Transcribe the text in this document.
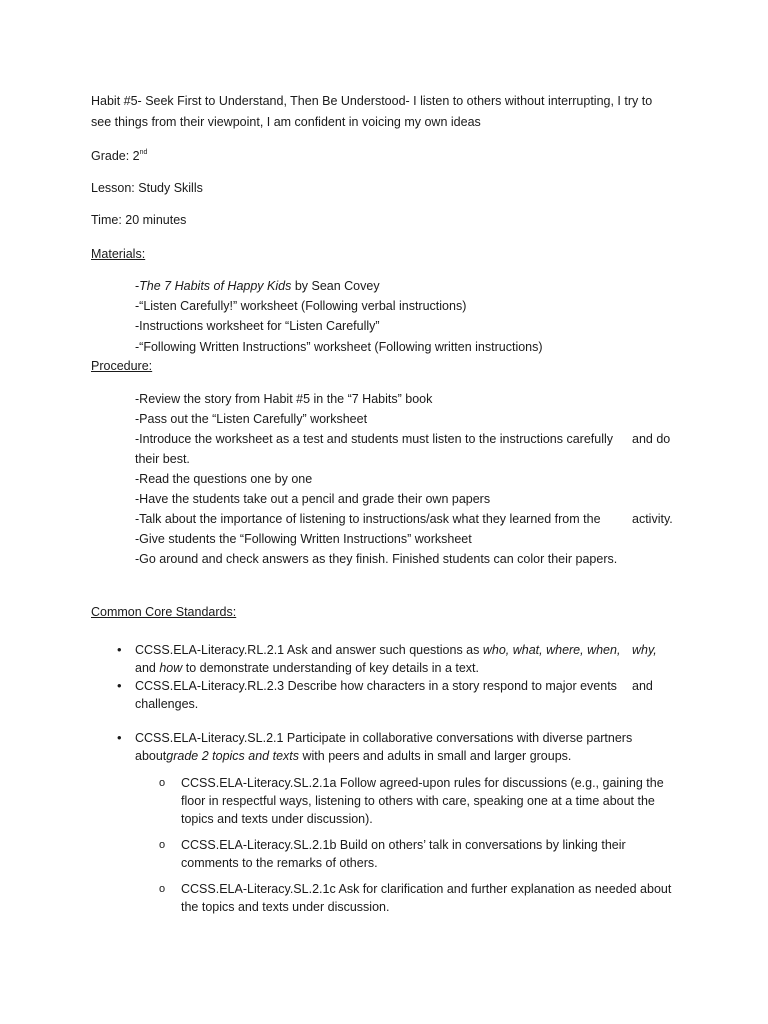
Habit #5- Seek First to Understand, Then Be Understood- I listen to others without interrupting, I try to
see things from their viewpoint, I am confident in voicing my own ideas
Grade: 2nd
Lesson: Study Skills
Time: 20 minutes
Materials:
-The 7 Habits of Happy Kids by Sean Covey
-“Listen Carefully!” worksheet (Following verbal instructions)
-Instructions worksheet for “Listen Carefully”
-“Following Written Instructions” worksheet (Following written instructions)
Procedure:
-Review the story from Habit #5 in the “7 Habits” book
-Pass out the “Listen Carefully” worksheet
-Introduce the worksheet as a test and students must listen to the instructions carefully and do
their best.
-Read the questions one by one
-Have the students take out a pencil and grade their own papers
-Talk about the importance of listening to instructions/ask what they learned from the	activity.
-Give students the “Following Written Instructions” worksheet
-Go around and check answers as they finish. Finished students can color their papers.
Common Core Standards:
• CCSS.ELA-Literacy.RL.2.1 Ask and answer such questions as who, what, where, when, why,
and how to demonstrate understanding of key details in a text.
• CCSS.ELA-Literacy.RL.2.3 Describe how characters in a story respond to major events and
challenges.
• CCSS.ELA-Literacy.SL.2.1 Participate in collaborative conversations with diverse partners
aboutgrade 2 topics and texts with peers and adults in small and larger groups.
o CCSS.ELA-Literacy.SL.2.1a Follow agreed-upon rules for discussions (e.g., gaining the
floor in respectful ways, listening to others with care, speaking one at a time about the
topics and texts under discussion).
o CCSS.ELA-Literacy.SL.2.1b Build on others’ talk in conversations by linking their
comments to the remarks of others.
o CCSS.ELA-Literacy.SL.2.1c Ask for clarification and further explanation as needed about
the topics and texts under discussion.
